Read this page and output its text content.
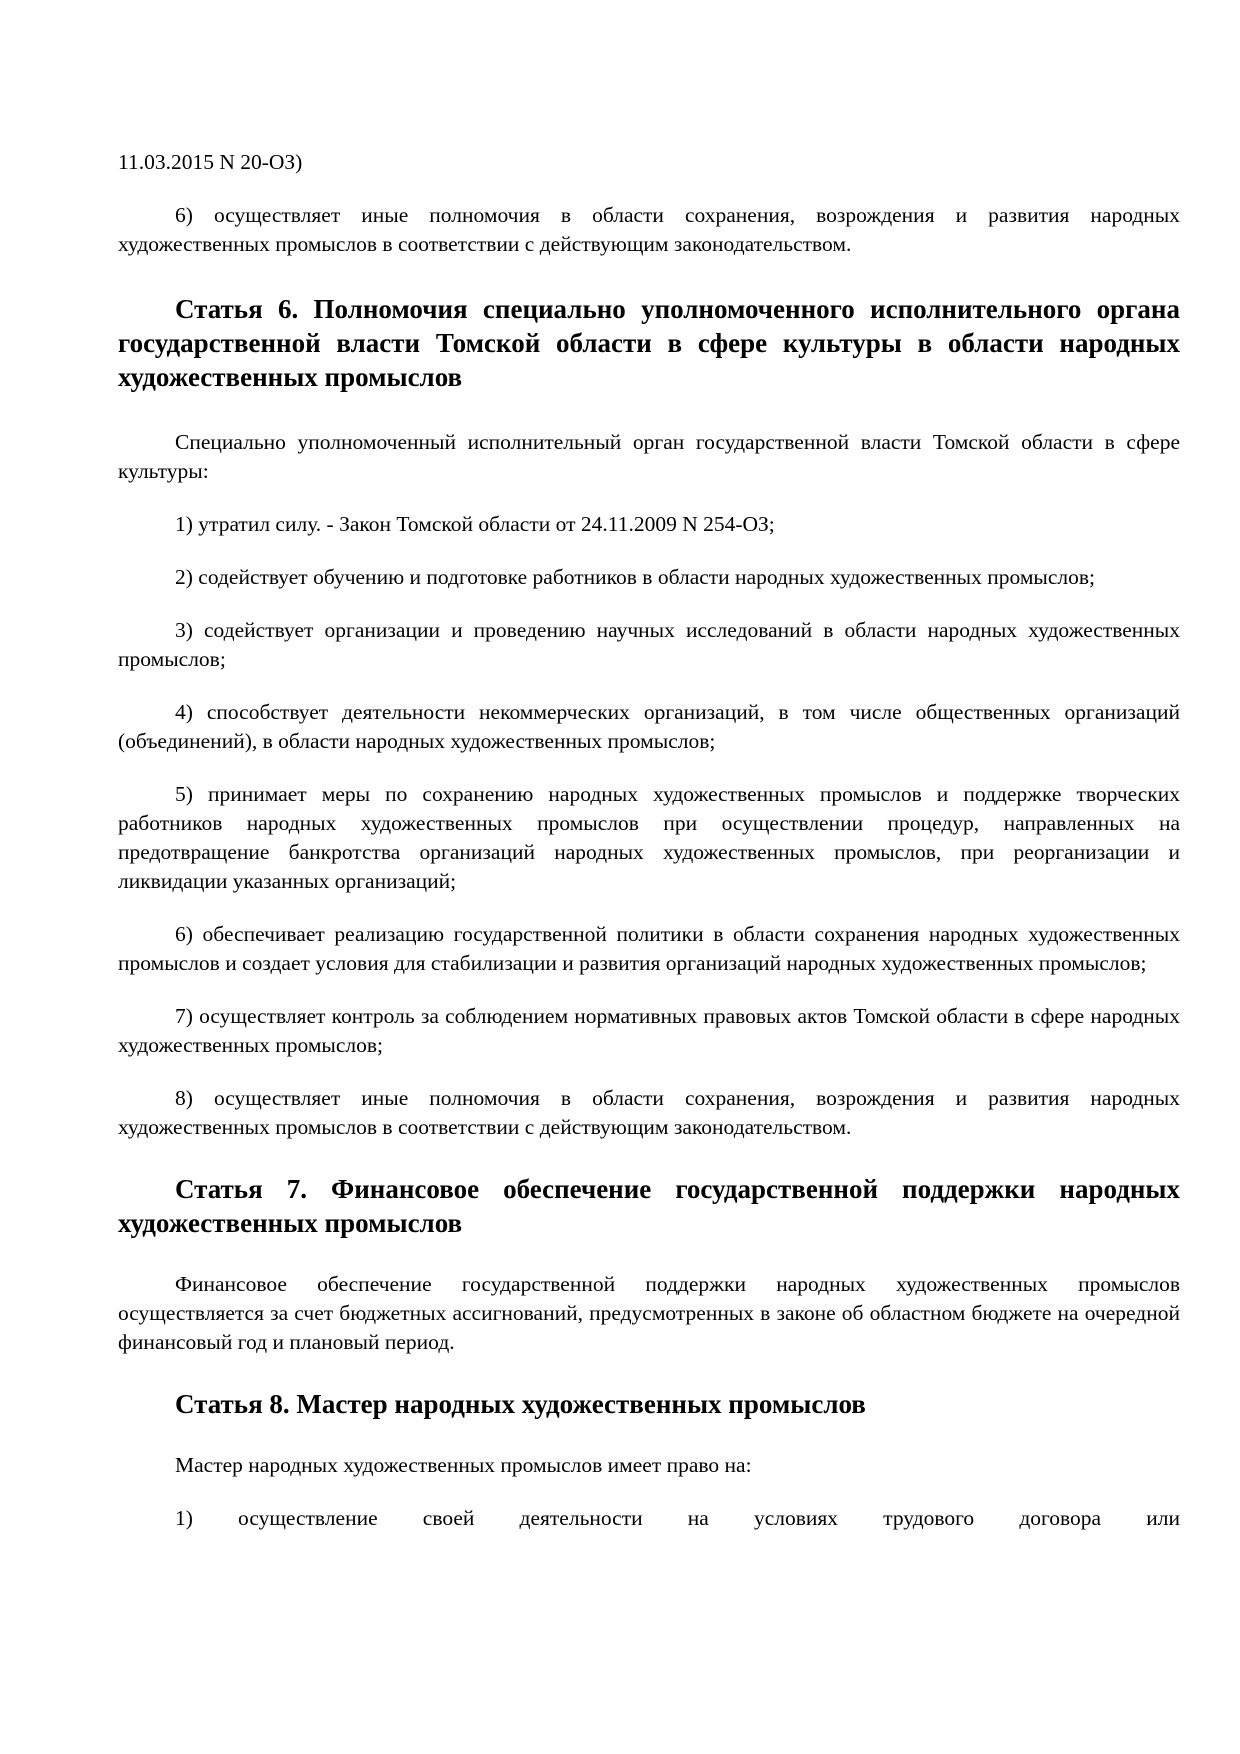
11.03.2015 N 20-ОЗ)

6) осуществляет иные полномочия в области сохранения, возрождения и развития народных художественных промыслов в соответствии с действующим законодательством.

Статья 6. Полномочия специально уполномоченного исполнительного органа государственной власти Томской области в сфере культуры в области народных художественных промыслов

Специально уполномоченный исполнительный орган государственной власти Томской области в сфере культуры:

1) утратил силу. - Закон Томской области от 24.11.2009 N 254-ОЗ;

2) содействует обучению и подготовке работников в области народных художественных промыслов;

3) содействует организации и проведению научных исследований в области народных художественных промыслов;

4) способствует деятельности некоммерческих организаций, в том числе общественных организаций (объединений), в области народных художественных промыслов;

5) принимает меры по сохранению народных художественных промыслов и поддержке творческих работников народных художественных промыслов при осуществлении процедур, направленных на предотвращение банкротства организаций народных художественных промыслов, при реорганизации и ликвидации указанных организаций;

6) обеспечивает реализацию государственной политики в области сохранения народных художественных промыслов и создает условия для стабилизации и развития организаций народных художественных промыслов;

7) осуществляет контроль за соблюдением нормативных правовых актов Томской области в сфере народных художественных промыслов;

8) осуществляет иные полномочия в области сохранения, возрождения и развития народных художественных промыслов в соответствии с действующим законодательством.

Статья 7. Финансовое обеспечение государственной поддержки народных художественных промыслов

Финансовое обеспечение государственной поддержки народных художественных промыслов осуществляется за счет бюджетных ассигнований, предусмотренных в законе об областном бюджете на очередной финансовый год и плановый период.

Статья 8. Мастер народных художественных промыслов

Мастер народных художественных промыслов имеет право на:

1) осуществление своей деятельности на условиях трудового договора или
